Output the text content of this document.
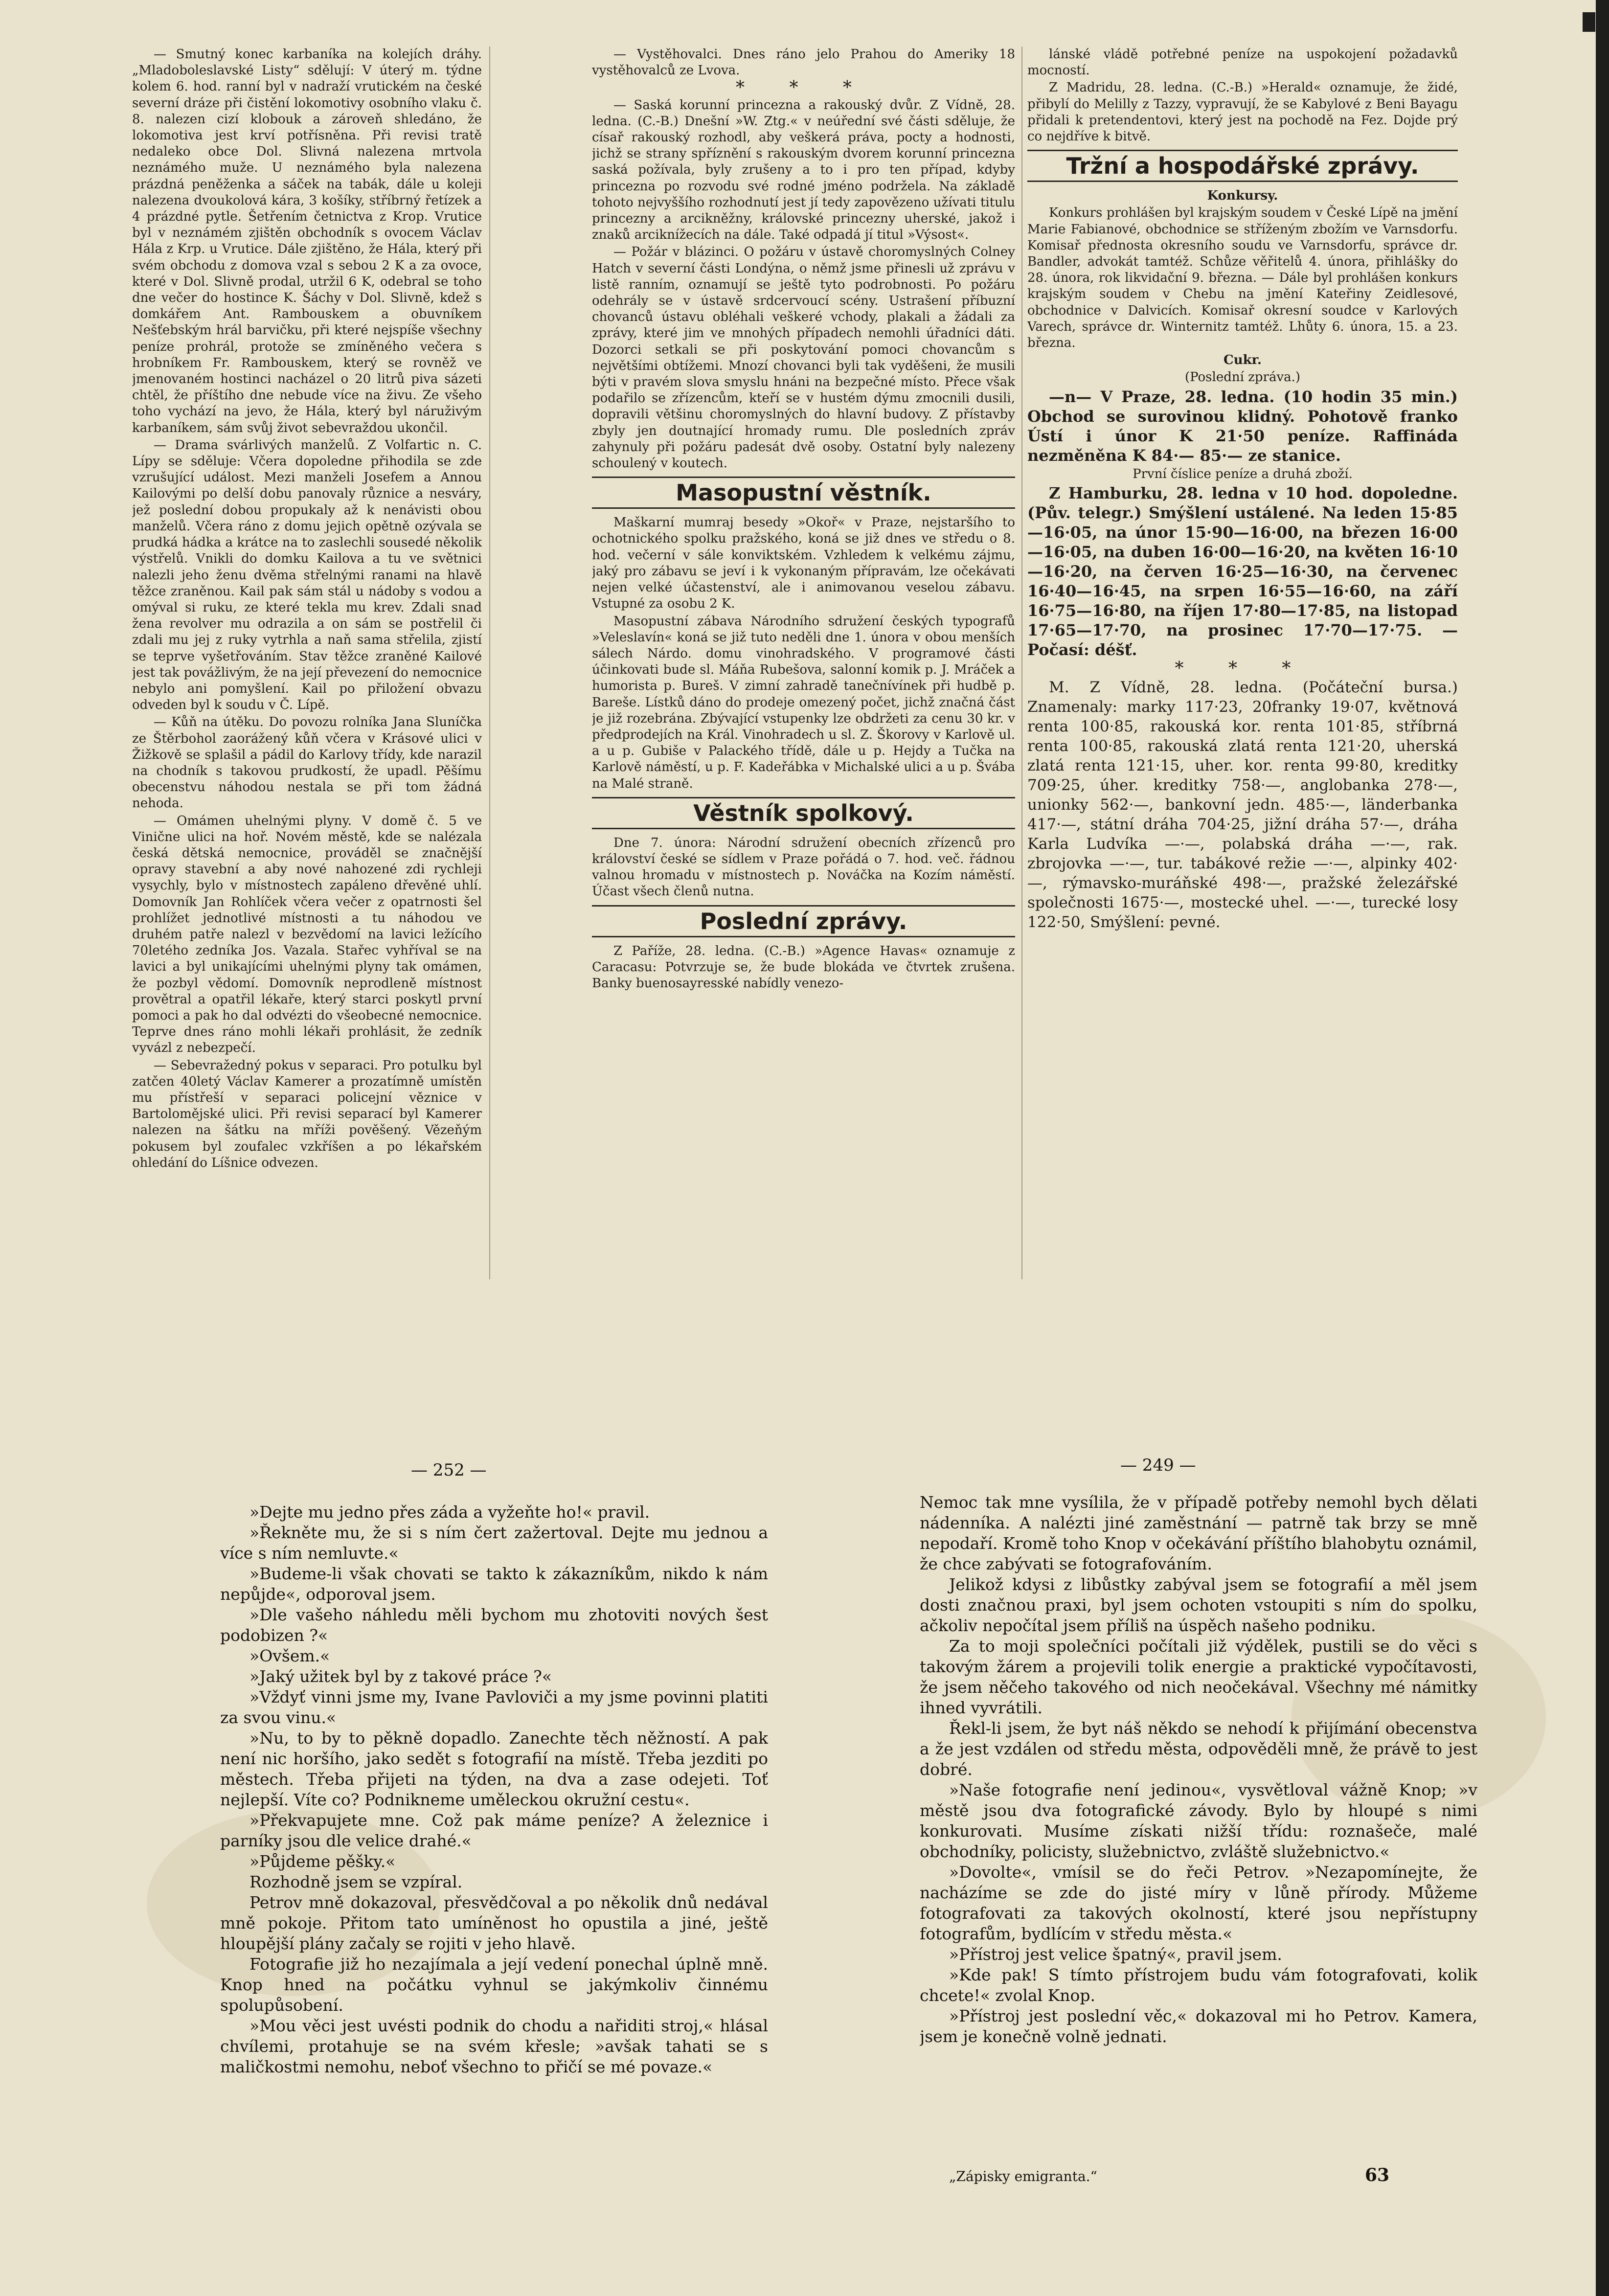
— Smutný konec karbaníka na kolejích dráhy. „Mladoboleslavské Listy“ sdělují: V úterý m. týdne kolem 6. hod. ranní byl v nadraží vrutickém na české severní dráze při čistění lokomotivy osobního vlaku č. 8. nalezen cizí klobouk a zároveň shledáno, že lokomotiva jest krví potřísněna. Při revisi tratě nedaleko obce Dol. Slivná nalezena mrtvola neznámého muže. U neznámého byla nalezena prázdná peněženka a sáček na tabák, dále u koleji nalezena dvoukolová kára, 3 košíky, stříbrný řetízek a 4 prázdné pytle. Šetřením četnictva z Krop. Vrutice byl v neznámém zjištěn obchodník s ovocem Václav Hála z Krp. u Vrutice. Dále zjištěno, že Hála, který při svém obchodu z domova vzal s sebou 2 K a za ovoce, které v Dol. Slivně prodal, utržil 6 K, odebral se toho dne večer do hostince K. Šáchy v Dol. Slivně, kdež s domkářem Ant. Rambouskem a obuvníkem Nešťebským hrál barvičku, při které nejspíše všechny peníze prohrál, protože se zmíněného večera s hrobníkem Fr. Rambouskem, který se rovněž ve jmenovaném hostinci nacházel o 20 litrů piva sázeti chtěl, že příštího dne nebude více na živu. Ze všeho toho vychází na jevo, že Hála, který byl náruživým karbaníkem, sám svůj život sebevraždou ukončil.

— Drama svárlivých manželů. Z Volfartic n. C. Lípy se sděluje: Včera dopoledne přihodila se zde vzrušující událost. Mezi manželi Josefem a Annou Kailovými po delší dobu panovaly různice a nesváry, jež poslední dobou propukaly až k nenávisti obou manželů. Včera ráno z domu jejich opětně ozývala se prudká hádka a krátce na to zaslechli sousedé několik výstřelů. Vnikli do domku Kailova a tu ve světnici nalezli jeho ženu dvěma střelnými ranami na hlavě těžce zraněnou. Kail pak sám stál u nádoby s vodou a omýval si ruku, ze které tekla mu krev. Zdali snad žena revolver mu odrazila a on sám se postřelil či zdali mu jej z ruky vytrhla a naň sama střelila, zjistí se teprve vyšetřováním. Stav těžce zraněné Kailové jest tak povážlivým, že na její převezení do nemocnice nebylo ani pomyšlení. Kail po přiložení obvazu odveden byl k soudu v Č. Lípě.

— Kůň na útěku. Do povozu rolníka Jana Sluníčka ze Štěrbohol zaorážený kůň včera v Krásové ulici v Žižkově se splašil a pádil do Karlovy třídy, kde narazil na chodník s takovou prudkostí, že upadl. Pěšímu obecenstvu náhodou nestala se při tom žádná nehoda.

— Omámen uhelnými plyny. V domě č. 5 ve Vinične ulici na hoř. Novém městě, kde se nalézala česká dětská nemocnice, prováděl se značnější opravy stavební a aby nové nahozené zdi rychleji vysychly, bylo v místnostech zapáleno dřevěné uhlí. Domovník Jan Rohlíček včera večer z opatrnosti šel prohlížet jednotlivé místnosti a tu náhodou ve druhém patře nalezl v bezvědomí na lavici ležícího 70letého zedníka Jos. Vazala. Stařec vyhříval se na lavici a byl unikajícími uhelnými plyny tak omámen, že pozbyl vědomí. Domovník neprodleně místnost provětral a opatřil lékaře, který starci poskytl první pomoci a pak ho dal odvézti do všeobecné nemocnice. Teprve dnes ráno mohli lékaři prohlásit, že zedník vyvázl z nebezpečí.

— Sebevražedný pokus v separaci. Pro potulku byl zatčen 40letý Václav Kamerer a prozatímně umístěn mu přístřeší v separaci policejní věznice v Bartolomějské ulici. Při revisi separací byl Kamerer nalezen na šátku na mříži pověšený. Vězeňým pokusem byl zoufalec vzkříšen a po lékařském ohledání do Líšnice odvezen.

— Vystěhovalci. Dnes ráno jelo Prahou do Ameriky 18 vystěhovalců ze Lvova.

* * *

— Saská korunní princezna a rakouský dvůr. Z Vídně, 28. ledna. (C.-B.) Dnešní »W. Ztg.« v neúřední své části sděluje, že císař rakouský rozhodl, aby veškerá práva, pocty a hodnosti, jichž se strany spříznění s rakouským dvorem korunní princezna saská požívala, byly zrušeny a to i pro ten případ, kdyby princezna po rozvodu své rodné jméno podržela. Na základě tohoto nejvyššího rozhodnutí jest jí tedy zapovězeno užívati titulu princezny a arcikněžny, královské princezny uherské, jakož i znaků arciknížecích na dále. Také odpadá jí titul »Výsost«.

— Požár v blázinci. O požáru v ústavě choromyslných Colney Hatch v severní části Londýna, o němž jsme přinesli už zprávu v listě ranním, oznamují se ještě tyto podrobnosti. Po požáru odehrály se v ústavě srdcervoucí scény. Ustrašení příbuzní chovanců ústavu obléhali veškeré vchody, plakali a žádali za zprávy, které jim ve mnohých případech nemohli úřadníci dáti. Dozorci setkali se při poskytování pomoci chovancům s největšími obtížemi. Mnozí chovanci byli tak vyděšeni, že musili býti v pravém slova smyslu hnáni na bezpečné místo. Přece však podařilo se zřízencům, kteří se v hustém dýmu zmocnili dusili, dopravili většinu choromyslných do hlavní budovy. Z přístavby zbyly jen doutnající hromady rumu. Dle posledních zpráv zahynuly při požáru padesát dvě osoby. Ostatní byly nalezeny schoulený v koutech.

Masopustní věstník.

Maškarní mumraj besedy »Okoř« v Praze, nejstaršího to ochotnického spolku pražského, koná se již dnes ve středu o 8. hod. večerní v sále konviktském. Vzhledem k velkému zájmu, jaký pro zábavu se jeví i k vykonaným přípravám, lze očekávati nejen velké účastenství, ale i animovanou veselou zábavu. Vstupné za osobu 2 K.

Masopustní zábava Národního sdružení českých typografů »Veleslavín« koná se již tuto neděli dne 1. února v obou menších sálech Nárdo. domu vinohradského. V programové části účinkovati bude sl. Máňa Rubešova, salonní komik p. J. Mráček a humorista p. Bureš. V zimní zahradě tanečnívínek při hudbě p. Bareše. Lístků dáno do prodeje omezený počet, jichž značná část je již rozebrána. Zbývající vstupenky lze obdržeti za cenu 30 kr. v předprodejích na Král. Vinohradech u sl. Z. Škorovy v Karlově ul. a u p. Gubiše v Palackého třídě, dále u p. Hejdy a Tučka na Karlově náměstí, u p. F. Kadeřábka v Michalské ulici a u p. Švába na Malé straně.

Věstník spolkový.

Dne 7. února: Národní sdružení obecních zřízenců pro království české se sídlem v Praze pořádá o 7. hod. več. řádnou valnou hromadu v místnostech p. Nováčka na Kozím náměstí. Účast všech členů nutna.

Poslední zprávy.

Z Paříže, 28. ledna. (C.-B.) »Agence Havas« oznamuje z Caracasu: Potvrzuje se, že bude blokáda ve čtvrtek zrušena. Banky buenosayresské nabídly venezo-

lánské vládě potřebné peníze na uspokojení požadavků mocností.

Z Madridu, 28. ledna. (C.-B.) »Herald« oznamuje, že židé, přibylí do Melilly z Tazzy, vypravují, že se Kabylové z Beni Bayagu přidali k pretendentovi, který jest na pochodě na Fez. Dojde prý co nejdříve k bitvě.

Tržní a hospodářské zprávy.

Konkursy.

Konkurs prohlášen byl krajským soudem v České Lípě na jmění Marie Fabianové, obchodnice se stříženým zbožím ve Varnsdorfu. Komisař přednosta okresního soudu ve Varnsdorfu, správce dr. Bandler, advokát tamtéž. Schůze věřitelů 4. února, přihlášky do 28. února, rok likvidační 9. března. — Dále byl prohlášen konkurs krajským soudem v Chebu na jmění Kateřiny Zeidlesové, obchodnice v Dalvicích. Komisař okresní soudce v Karlových Varech, správce dr. Winternitz tamtéž. Lhůty 6. února, 15. a 23. března.

Cukr.

(Poslední zpráva.)

—n— V Praze, 28. ledna. (10 hodin 35 min.) Obchod se surovinou klidný. Pohotově franko Ústí i únor K 21·50 peníze. Raffináda nezměněna K 84·— 85·— ze stanice.

První číslice peníze a druhá zboží.

Z Hamburku, 28. ledna v 10 hod. dopoledne. (Pův. telegr.) Smýšlení ustálené. Na leden 15·85—16·05, na únor 15·90—16·00, na březen 16·00—16·05, na duben 16·00—16·20, na květen 16·10—16·20, na červen 16·25—16·30, na červenec 16·40—16·45, na srpen 16·55—16·60, na září 16·75—16·80, na říjen 17·80—17·85, na listopad 17·65—17·70, na prosinec 17·70—17·75. — Počasí: déšť.

* * *

M. Z Vídně, 28. ledna. (Počáteční bursa.) Znamenaly: marky 117·23, 20franky 19·07, květnová renta 100·85, rakouská kor. renta 101·85, stříbrná renta 100·85, rakouská zlatá renta 121·20, uherská zlatá renta 121·15, uher. kor. renta 99·80, kreditky 709·25, úher. kreditky 758·—, anglobanka 278·—, unionky 562·—, bankovní jedn. 485·—, länderbanka 417·—, státní dráha 704·25, jižní dráha 57·—, dráha Karla Ludvíka —·—, polabská dráha —·—, rak. zbrojovka —·—, tur. tabákové režie —·—, alpinky 402·—, rýmavsko-muráňské 498·—, pražské železářské společnosti 1675·—, mostecké uhel. —·—, turecké losy 122·50, Smýšlení: pevné.

— 252 —	— 249 —

»Dejte mu jedno přes záda a vyžeňte ho!« pravil.

»Řekněte mu, že si s ním čert zažertoval. Dejte mu jednou a více s ním nemluvte.«

»Budeme-li však chovati se takto k zákazníkům, nikdo k nám nepůjde«, odporoval jsem.

»Dle vašeho náhledu měli bychom mu zhotoviti nových šest podobizen ?«

»Ovšem.«

»Jaký užitek byl by z takové práce ?«

»Vždyť vinni jsme my, Ivane Pavloviči a my jsme povinni platiti za svou vinu.«

»Nu, to by to pěkně dopadlo. Zanechte těch něžností. A pak není nic horšího, jako sedět s fotografií na místě. Třeba jezditi po městech. Třeba přijeti na týden, na dva a zase odejeti. Toť nejlepší. Víte co? Podnikneme uměleckou okružní cestu«.

»Překvapujete mne. Což pak máme peníze? A železnice i parníky jsou dle velice drahé.«

»Půjdeme pěšky.«

Rozhodně jsem se vzpíral.

Petrov mně dokazoval, přesvědčoval a po několik dnů nedával mně pokoje. Přitom tato umíněnost ho opustila a jiné, ještě hloupější plány začaly se rojiti v jeho hlavě.

Fotografie již ho nezajímala a její vedení ponechal úplně mně. Knop hned na počátku vyhnul se jakýmkoliv činnému spolupůsobení.

»Mou věci jest uvésti podnik do chodu a nařiditi stroj,« hlásal chvílemi, protahuje se na svém křesle; »avšak tahati se s maličkostmi nemohu, neboť všechno to přičí se mé povaze.«

Nemoc tak mne vysílila, že v případě potřeby nemohl bych dělati nádenníka. A nalézti jiné zaměstnání — patrně tak brzy se mně nepodaří. Kromě toho Knop v očekávání příštího blahobytu oznámil, že chce zabývati se fotografováním.

Jelikož kdysi z libůstky zabýval jsem se fotografií a měl jsem dosti značnou praxi, byl jsem ochoten vstoupiti s ním do spolku, ačkoliv nepočítal jsem příliš na úspěch našeho podniku.

Za to moji společníci počítali již výdělek, pustili se do věci s takovým žárem a projevili tolik energie a praktické vypočítavosti, že jsem něčeho takového od nich neočekával. Všechny mé námitky ihned vyvrátili.

Řekl-li jsem, že byt náš někdo se nehodí k přijímání obecenstva a že jest vzdálen od středu města, odpověděli mně, že právě to jest dobré.

»Naše fotografie není jedinou«, vysvětloval vážně Knop; »v městě jsou dva fotografické závody. Bylo by hloupé s nimi konkurovati. Musíme získati nižší třídu: roznašeče, malé obchodníky, policisty, služebnictvo, zvláště služebnictvo.«

»Dovolte«, vmísil se do řeči Petrov. »Nezapomínejte, že nacházíme se zde do jisté míry v lůně přírody. Můžeme fotografovati za takových okolností, které jsou nepřístupny fotografům, bydlícím v středu města.«

»Přístroj jest velice špatný«, pravil jsem.

»Kde pak! S tímto přístrojem budu vám fotografovati, kolik chcete!« zvolal Knop.

»Přístroj jest poslední věc,« dokazoval mi ho Petrov. Kamera, jsem je konečně volně jednati.

„Zápisky emigranta.“	63
